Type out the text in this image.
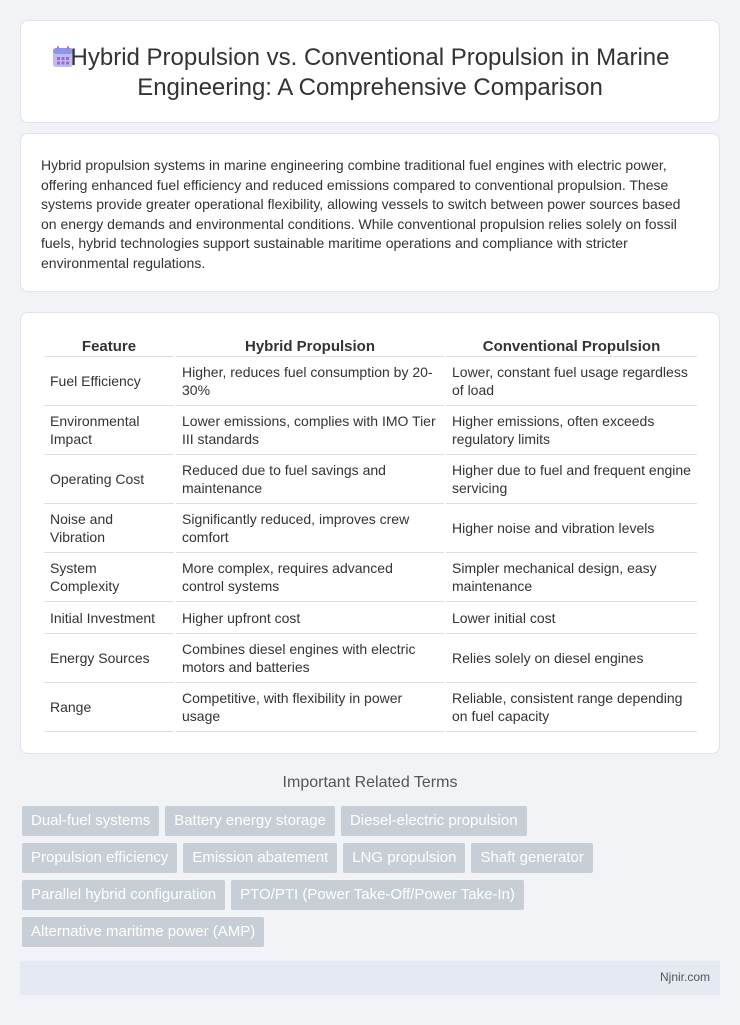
Hybrid Propulsion vs. Conventional Propulsion in Marine
Engineering: A Comprehensive Comparison

Hybrid propulsion systems in marine engineering combine traditional fuel engines with electric power, offering enhanced fuel efficiency and reduced emissions compared to conventional propulsion. These systems provide greater operational flexibility, allowing vessels to switch between power sources based on energy demands and environmental conditions. While conventional propulsion relies solely on fossil fuels, hybrid technologies support sustainable maritime operations and compliance with stricter environmental regulations.

Feature	Hybrid Propulsion	Conventional Propulsion
Fuel Efficiency	Higher, reduces fuel consumption by 20-30%	Lower, constant fuel usage regardless of load
Environmental Impact	Lower emissions, complies with IMO Tier III standards	Higher emissions, often exceeds regulatory limits
Operating Cost	Reduced due to fuel savings and maintenance	Higher due to fuel and frequent engine servicing
Noise and Vibration	Significantly reduced, improves crew comfort	Higher noise and vibration levels
System Complexity	More complex, requires advanced control systems	Simpler mechanical design, easy maintenance
Initial Investment	Higher upfront cost	Lower initial cost
Energy Sources	Combines diesel engines with electric motors and batteries	Relies solely on diesel engines
Range	Competitive, with flexibility in power usage	Reliable, consistent range depending on fuel capacity
Important Related Terms
Dual-fuel systems	Battery energy storage	Diesel-electric propulsion
Propulsion efficiency	Emission abatement	LNG propulsion	Shaft generator
Parallel hybrid configuration	PTO/PTI (Power Take-Off/Power Take-In)
Alternative maritime power (AMP)
Njnir.com
